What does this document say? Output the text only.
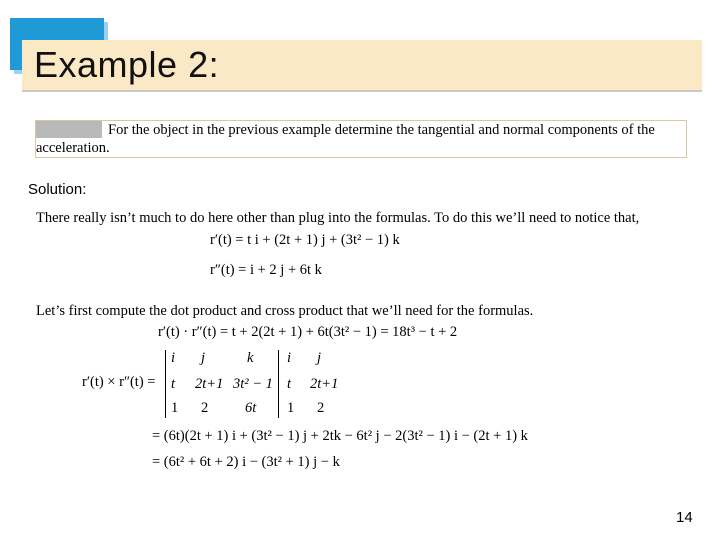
Example 2:
For the object in the previous example determine the tangential and normal components of the acceleration.
Solution:
There really isn’t much to do here other than plug into the formulas. To do this we’ll need to notice that,
r′(t) = t i + (2t + 1) j + (3t² − 1) k
r″(t) = i + 2 j + 6t k
Let’s first compute the dot product and cross product that we’ll need for the formulas.
r′(t) · r″(t) = t + 2(2t + 1) + 6t(3t² − 1) = 18t³ − t + 2
r′(t) × r″(t) =
i j	k i j
t 2t+1 3t² − 1 t 2t+1
1 2	6t 1 2
= (6t)(2t + 1) i + (3t² − 1) j + 2tk − 6t² j − 2(3t² − 1) i − (2t + 1) k
= (6t² + 6t + 2) i − (3t² + 1) j − k
14
